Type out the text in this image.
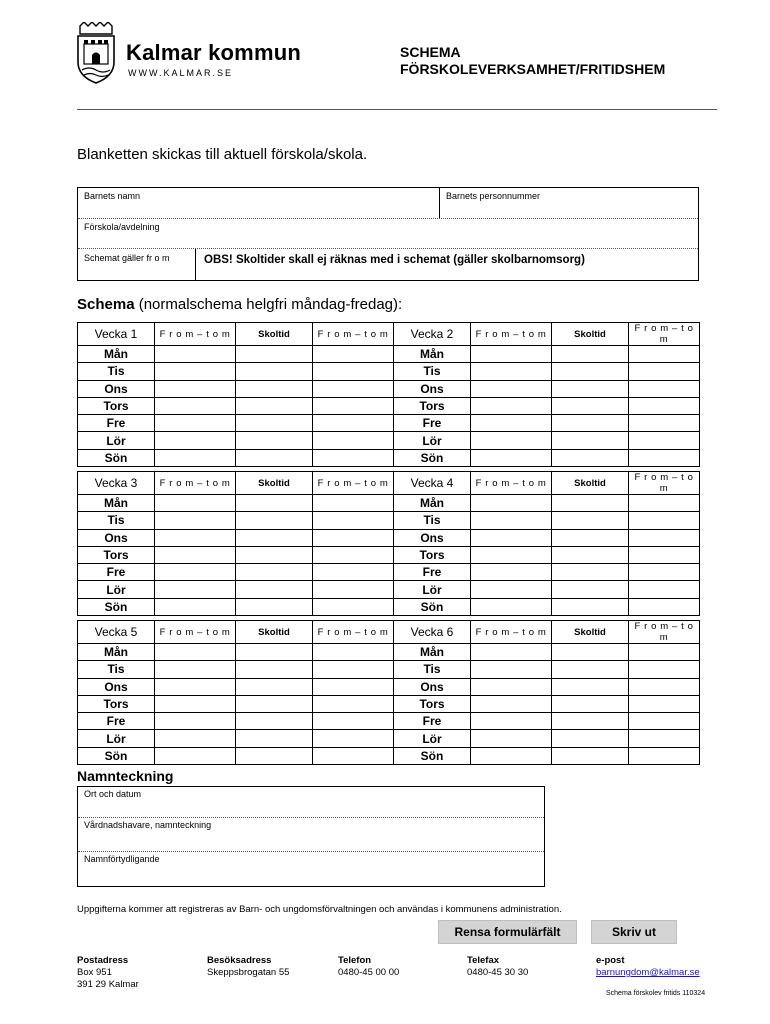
Kalmar kommun
WWW.KALMAR.SE
SCHEMA
FÖRSKOLEVERKSAMHET/FRITIDSHEM
Blanketten skickas till aktuell förskola/skola.
Barnets namn	Barnets personnummer
Förskola/avdelning
Schemat gäller fr o m	OBS! Skoltider skall ej räknas med i schemat (gäller skolbarnomsorg)
Schema (normalschema helgfri måndag-fredag):
Vecka 1	F r o m – t o m	Skoltid	F r o m – t o m	Vecka 2	F r o m – t o m	Skoltid	F r o m – t o m
Mån				Mån			
Tis				Tis			
Ons				Ons			
Tors				Tors			
Fre				Fre			
Lör				Lör			
Sön				Sön			
Vecka 3	F r o m – t o m	Skoltid	F r o m – t o m	Vecka 4	F r o m – t o m	Skoltid	F r o m – t o m
Mån				Mån			
Tis				Tis			
Ons				Ons			
Tors				Tors			
Fre				Fre			
Lör				Lör			
Sön				Sön			
Vecka 5	F r o m – t o m	Skoltid	F r o m – t o m	Vecka 6	F r o m – t o m	Skoltid	F r o m – t o m
Mån				Mån			
Tis				Tis			
Ons				Ons			
Tors				Tors			
Fre				Fre			
Lör				Lör			
Sön				Sön			
Namnteckning
Ort och datum
Vårdnadshavare, namnteckning
Namnförtydligande
Uppgifterna kommer att registreras av Barn- och ungdomsförvaltningen och användas i kommunens administration.
Rensa formulärfält	Skriv ut
Postadress
Box 951
391 29 Kalmar
Besöksadress
Skeppsbrogatan 55
Telefon
0480-45 00 00
Telefax
0480-45 30 30
e-post
barnungdom@kalmar.se
Schema förskolev fritids 110324
